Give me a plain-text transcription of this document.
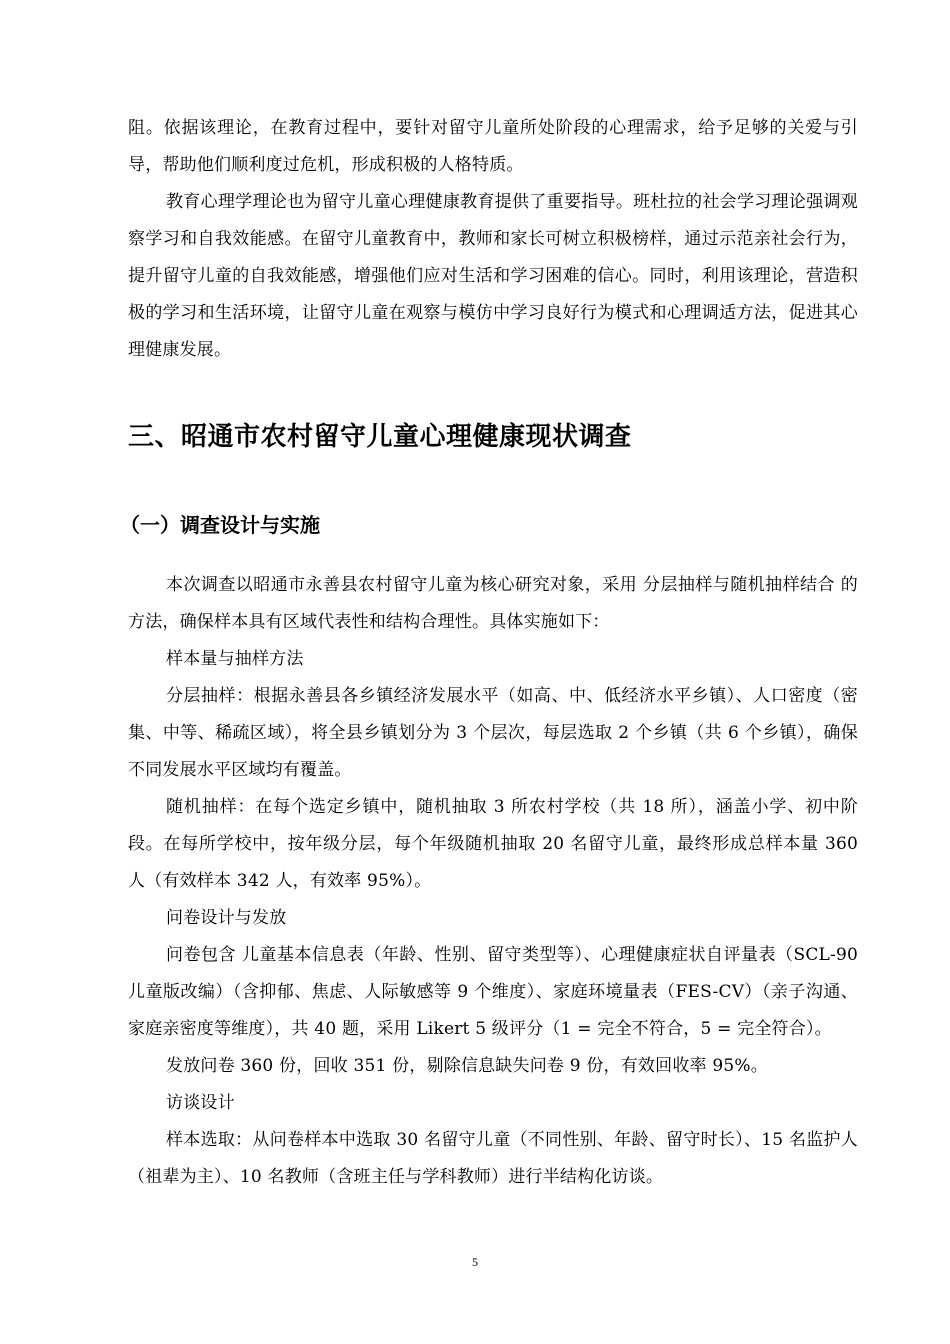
阻。依据该理论，在教育过程中，要针对留守儿童所处阶段的心理需求，给予足够的关爱与引导，帮助他们顺利度过危机，形成积极的人格特质。

教育心理学理论也为留守儿童心理健康教育提供了重要指导。班杜拉的社会学习理论强调观察学习和自我效能感。在留守儿童教育中，教师和家长可树立积极榜样，通过示范亲社会行为，提升留守儿童的自我效能感，增强他们应对生活和学习困难的信心。同时，利用该理论，营造积极的学习和生活环境，让留守儿童在观察与模仿中学习良好行为模式和心理调适方法，促进其心理健康发展。

三、昭通市农村留守儿童心理健康现状调查
（一）调查设计与实施

本次调查以昭通市永善县农村留守儿童为核心研究对象，采用 分层抽样与随机抽样结合 的方法，确保样本具有区域代表性和结构合理性。具体实施如下：

样本量与抽样方法

分层抽样：根据永善县各乡镇经济发展水平（如高、中、低经济水平乡镇）、人口密度（密集、中等、稀疏区域），将全县乡镇划分为 3 个层次，每层选取 2 个乡镇（共 6 个乡镇），确保不同发展水平区域均有覆盖。

随机抽样：在每个选定乡镇中，随机抽取 3 所农村学校（共 18 所），涵盖小学、初中阶段。在每所学校中，按年级分层，每个年级随机抽取 20 名留守儿童，最终形成总样本量 360 人（有效样本 342 人，有效率 95%）。

问卷设计与发放

问卷包含 儿童基本信息表（年龄、性别、留守类型等）、心理健康症状自评量表（SCL-90 儿童版改编）（含抑郁、焦虑、人际敏感等 9 个维度）、家庭环境量表（FES-CV）（亲子沟通、家庭亲密度等维度），共 40 题，采用 Likert 5 级评分（1 = 完全不符合，5 = 完全符合）。

发放问卷 360 份，回收 351 份，剔除信息缺失问卷 9 份，有效回收率 95%。

访谈设计

样本选取：从问卷样本中选取 30 名留守儿童（不同性别、年龄、留守时长）、15 名监护人（祖辈为主）、10 名教师（含班主任与学科教师）进行半结构化访谈。

5
